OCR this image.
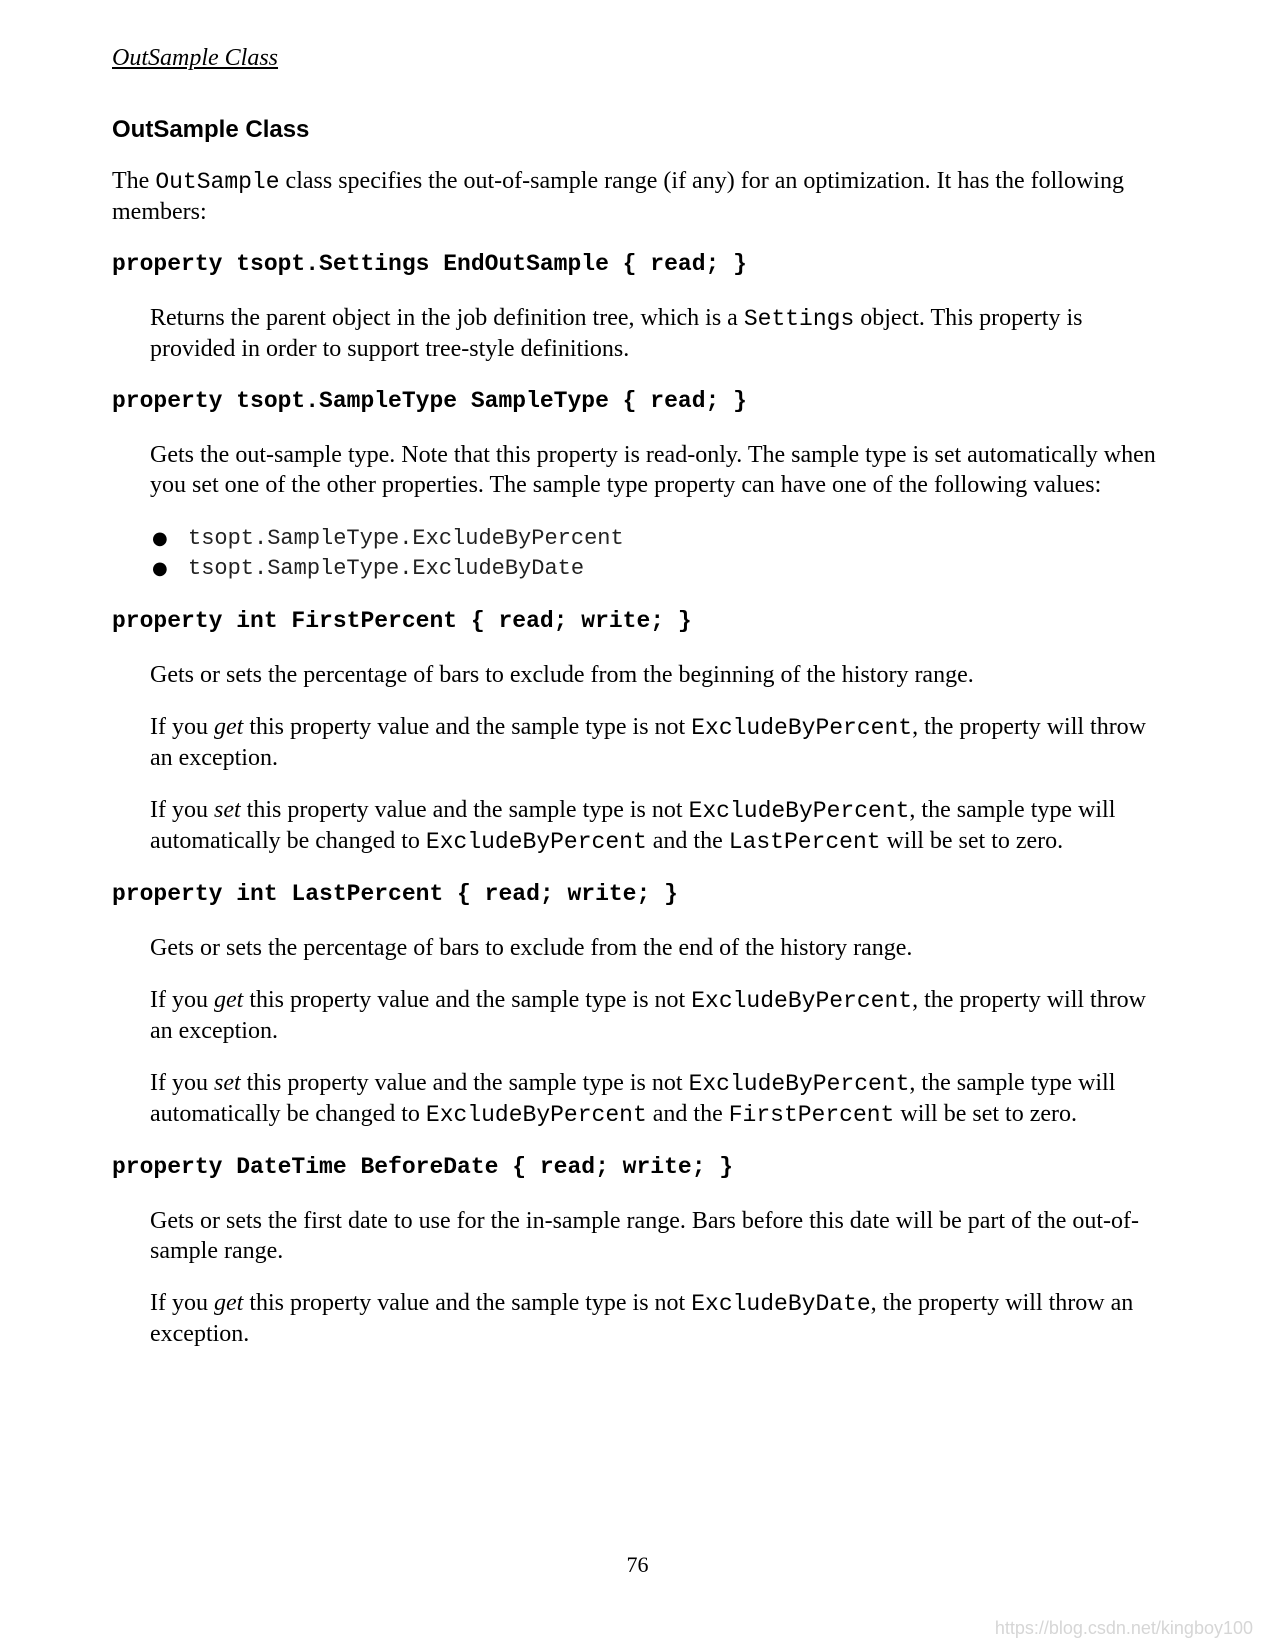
OutSample Class
OutSample Class

The OutSample class specifies the out-of-sample range (if any) for an optimization. It has the following members:

property tsopt.Settings EndOutSample { read; }

Returns the parent object in the job definition tree, which is a Settings object. This property is provided in order to support tree-style definitions.

property tsopt.SampleType SampleType { read; }

Gets the out-sample type. Note that this property is read-only. The sample type is set automatically when you set one of the other properties. The sample type property can have one of the following values:

● tsopt.SampleType.ExcludeByPercent
● tsopt.SampleType.ExcludeByDate
property int FirstPercent { read; write; }

Gets or sets the percentage of bars to exclude from the beginning of the history range.

If you get this property value and the sample type is not ExcludeByPercent, the property will throw an exception.

If you set this property value and the sample type is not ExcludeByPercent, the sample type will automatically be changed to ExcludeByPercent and the LastPercent will be set to zero.

property int LastPercent { read; write; }

Gets or sets the percentage of bars to exclude from the end of the history range.

If you get this property value and the sample type is not ExcludeByPercent, the property will throw an exception.

If you set this property value and the sample type is not ExcludeByPercent, the sample type will automatically be changed to ExcludeByPercent and the FirstPercent will be set to zero.

property DateTime BeforeDate { read; write; }

Gets or sets the first date to use for the in-sample range. Bars before this date will be part of the out-of-sample range.

If you get this property value and the sample type is not ExcludeByDate, the property will throw an exception.

76
https://blog.csdn.net/kingboy100
